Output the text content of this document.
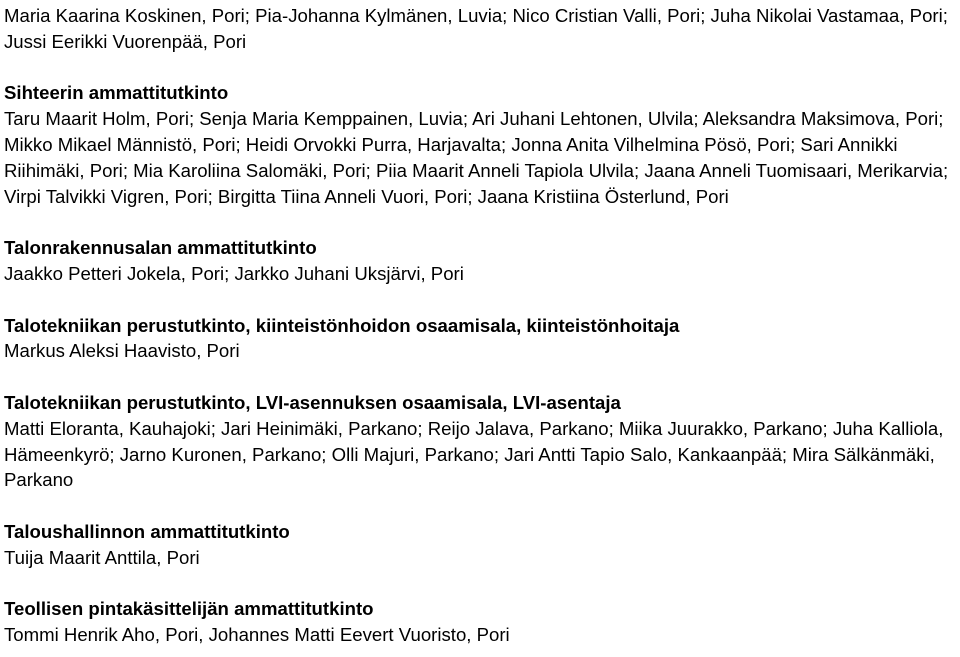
Maria Kaarina Koskinen, Pori; Pia-Johanna Kylmänen, Luvia; Nico Cristian Valli, Pori; Juha Nikolai Vastamaa, Pori; Jussi Eerikki Vuorenpää, Pori

Sihteerin ammattitutkinto

Taru Maarit Holm, Pori; Senja Maria Kemppainen, Luvia; Ari Juhani Lehtonen, Ulvila; Aleksandra Maksimova, Pori; Mikko Mikael Männistö, Pori; Heidi Orvokki Purra, Harjavalta; Jonna Anita Vilhelmina Pösö, Pori; Sari Annikki Riihimäki, Pori; Mia Karoliina Salomäki, Pori; Piia Maarit Anneli Tapiola Ulvila; Jaana Anneli Tuomisaari, Merikarvia; Virpi Talvikki Vigren, Pori; Birgitta Tiina Anneli Vuori, Pori; Jaana Kristiina Österlund, Pori

Talonrakennusalan ammattitutkinto

Jaakko Petteri Jokela, Pori; Jarkko Juhani Uksjärvi, Pori

Talotekniikan perustutkinto, kiinteistönhoidon osaamisala, kiinteistönhoitaja

Markus Aleksi Haavisto, Pori

Talotekniikan perustutkinto, LVI-asennuksen osaamisala, LVI-asentaja

Matti Eloranta, Kauhajoki; Jari Heinimäki, Parkano; Reijo Jalava, Parkano; Miika Juurakko, Parkano; Juha Kalliola, Hämeenkyrö; Jarno Kuronen, Parkano; Olli Majuri, Parkano; Jari Antti Tapio Salo, Kankaanpää; Mira Sälkänmäki, Parkano

Taloushallinnon ammattitutkinto

Tuija Maarit Anttila, Pori

Teollisen pintakäsittelijän ammattitutkinto

Tommi Henrik Aho, Pori, Johannes Matti Eevert Vuoristo, Pori
